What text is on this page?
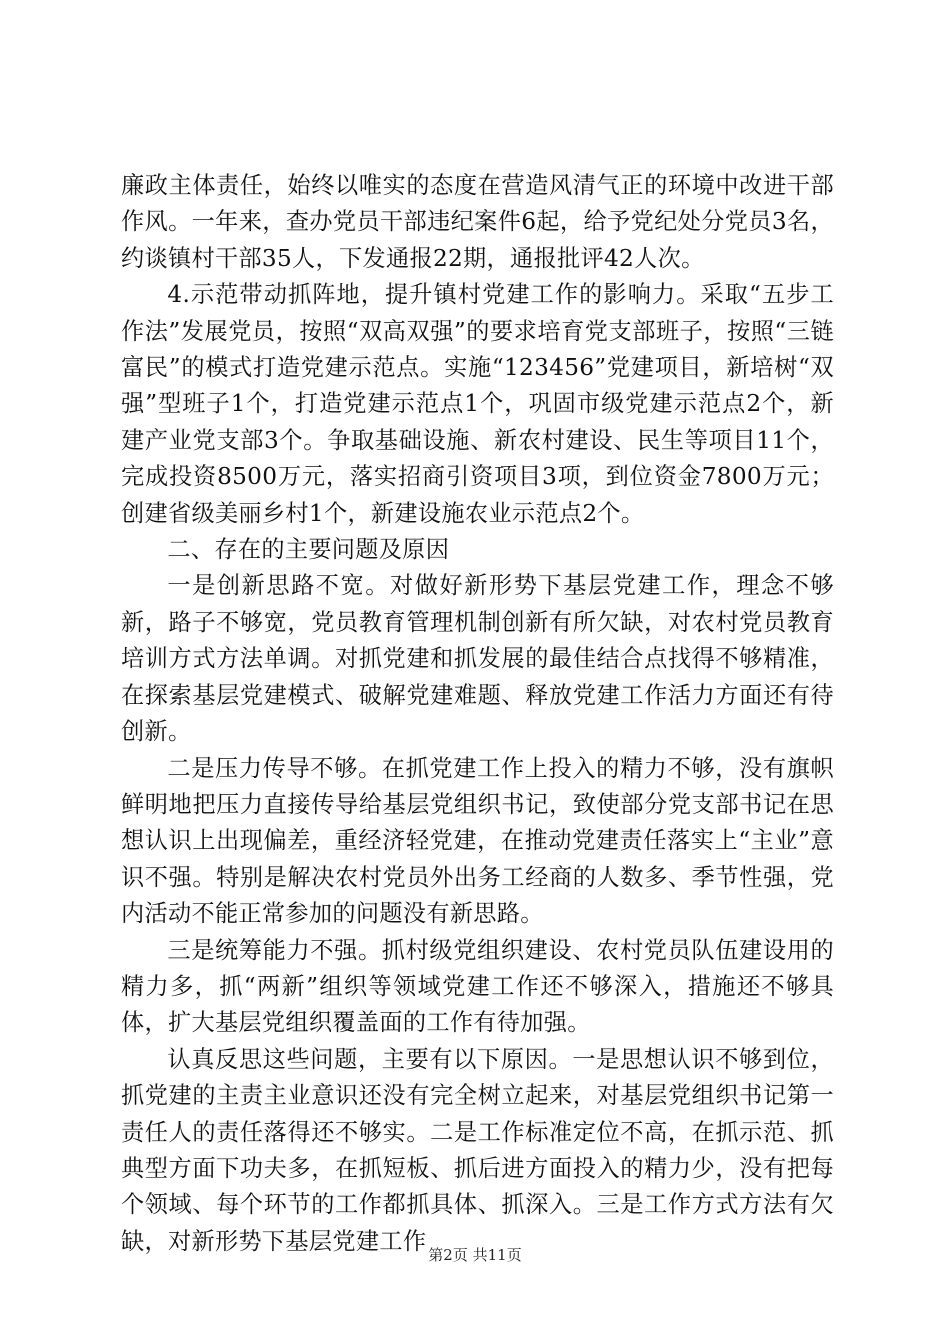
廉政主体责任，始终以唯实的态度在营造风清气正的环境中改进干部作风。一年来，查办党员干部违纪案件6起，给予党纪处分党员3名，约谈镇村干部35人，下发通报22期，通报批评42人次。

4.示范带动抓阵地，提升镇村党建工作的影响力。采取“五步工作法”发展党员，按照“双高双强”的要求培育党支部班子，按照“三链富民”的模式打造党建示范点。实施“123456”党建项目，新培树“双强”型班子1个，打造党建示范点1个，巩固市级党建示范点2个，新建产业党支部3个。争取基础设施、新农村建设、民生等项目11个，完成投资8500万元，落实招商引资项目3项，到位资金7800万元；创建省级美丽乡村1个，新建设施农业示范点2个。

二、存在的主要问题及原因

一是创新思路不宽。对做好新形势下基层党建工作，理念不够新，路子不够宽，党员教育管理机制创新有所欠缺，对农村党员教育培训方式方法单调。对抓党建和抓发展的最佳结合点找得不够精准，在探索基层党建模式、破解党建难题、释放党建工作活力方面还有待创新。

二是压力传导不够。在抓党建工作上投入的精力不够，没有旗帜鲜明地把压力直接传导给基层党组织书记，致使部分党支部书记在思想认识上出现偏差，重经济轻党建，在推动党建责任落实上“主业”意识不强。特别是解决农村党员外出务工经商的人数多、季节性强，党内活动不能正常参加的问题没有新思路。

三是统筹能力不强。抓村级党组织建设、农村党员队伍建设用的精力多，抓“两新”组织等领域党建工作还不够深入，措施还不够具体，扩大基层党组织覆盖面的工作有待加强。

认真反思这些问题，主要有以下原因。一是思想认识不够到位，抓党建的主责主业意识还没有完全树立起来，对基层党组织书记第一责任人的责任落得还不够实。二是工作标准定位不高，在抓示范、抓典型方面下功夫多，在抓短板、抓后进方面投入的精力少，没有把每个领域、每个环节的工作都抓具体、抓深入。三是工作方式方法有欠缺，对新形势下基层党建工作

第2页 共11页
